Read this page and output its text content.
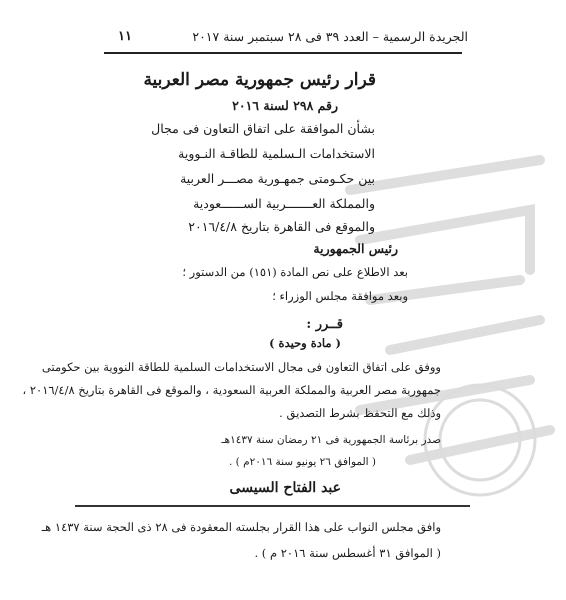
الجريدة الرسمية – العدد ٣٩ فى ٢٨ سبتمبر سنة ٢٠١٧
١١
قرار رئيس جمهورية مصر العربية
رقم ٢٩٨ لسنة ٢٠١٦
بشأن الموافقة على اتفاق التعاون فى مجال
الاستخدامات الـسلمية للطاقـة النـووية
بين حكـومتى جمهـورية مصـــر العربية
والمملكة العـــــــربية الســــــعودية
والموقع فى القاهرة بتاريخ ٢٠١٦/٤/٨
رئيس الجمهورية
بعد الاطلاع على نص المادة (١٥١) من الدستور ؛
وبعد موافقة مجلس الوزراء ؛
قــرر :
( مادة وحيدة )
ووفق على اتفاق التعاون فى مجال الاستخدامات السلمية للطاقة النووية بين حكومتى
جمهورية مصر العربية والمملكة العربية السعودية ، والموقع فى القاهرة بتاريخ ٢٠١٦/٤/٨ ،
وذلك مع التحفظ بشرط التصديق .
صدر برئاسة الجمهورية فى ٢١ رمضان سنة ١٤٣٧هـ
( الموافق ٢٦ يونيو سنة ٢٠١٦م ) .
عبد الفتاح السيسى
وافق مجلس النواب على هذا القرار بجلسته المعقودة فى ٢٨ ذى الحجة سنة ١٤٣٧ هـ
( الموافق ٣١ أغسطس سنة ٢٠١٦ م ) .
